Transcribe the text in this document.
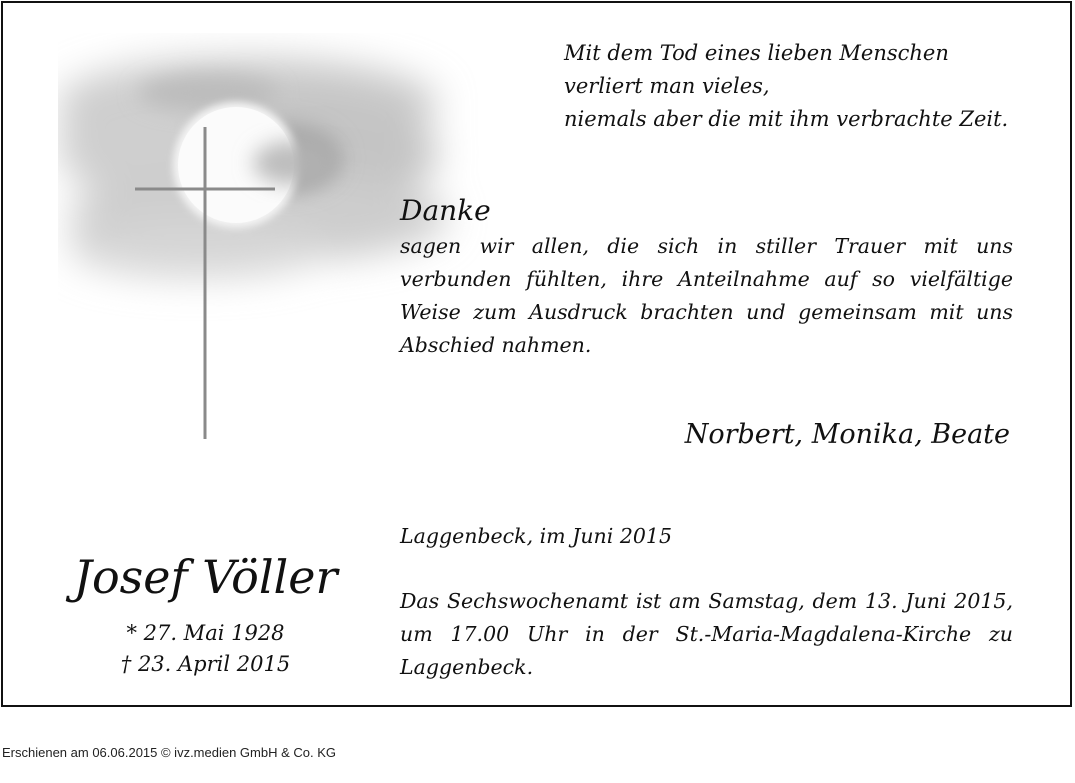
Mit dem Tod eines lieben Menschen
verliert man vieles,
niemals aber die mit ihm verbrachte Zeit.
Danke

sagen wir allen, die sich in stiller Trauer mit uns verbunden fühlten, ihre Anteilnahme auf so vielfältige Weise zum Ausdruck brachten und gemeinsam mit uns Abschied nahmen.

Norbert, Monika, Beate

Laggenbeck, im Juni 2015

Das Sechswochenamt ist am Samstag, dem 13. Juni 2015, um 17.00 Uhr in der St.-Maria-Magdalena-Kirche zu Laggenbeck.

Josef Völler
* 27. Mai 1928
† 23. April 2015

Erschienen am 06.06.2015 © ivz.medien GmbH & Co. KG
